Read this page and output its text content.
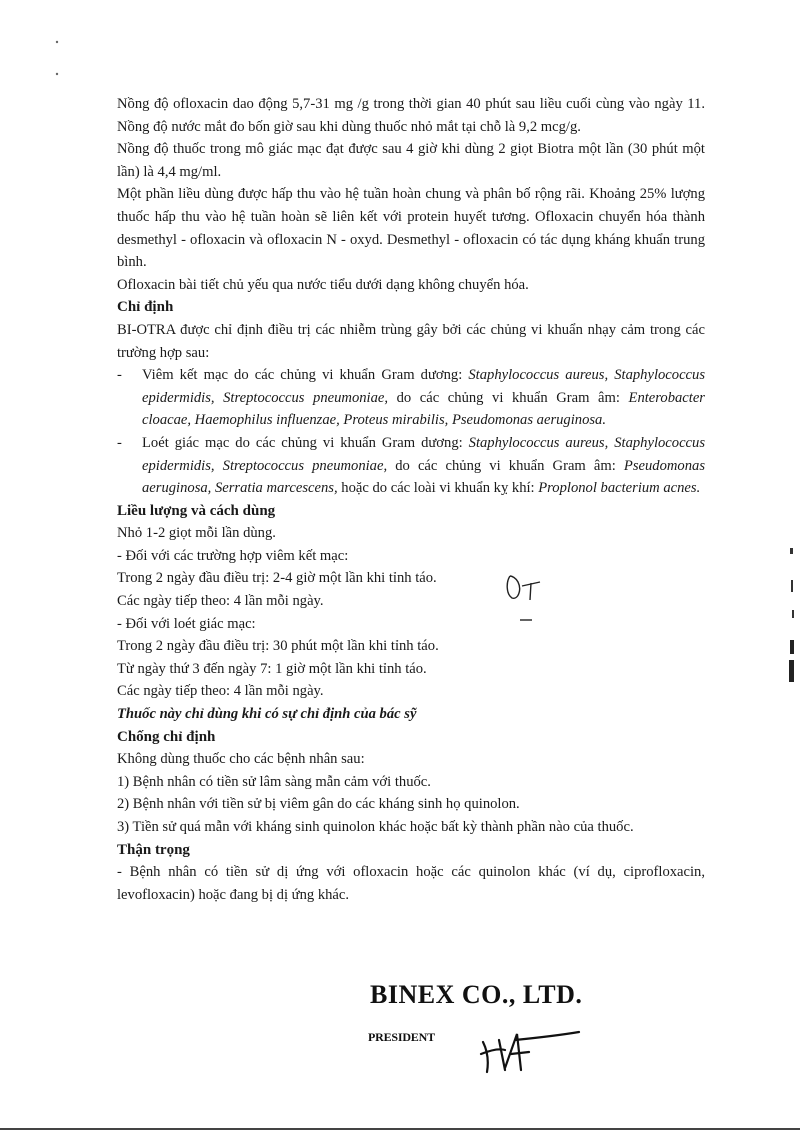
Nồng độ ofloxacin dao động 5,7-31 mg /g trong thời gian 40 phút sau liều cuối cùng vào ngày 11. Nồng độ nước mắt đo bốn giờ sau khi dùng thuốc nhỏ mắt tại chỗ là 9,2 mcg/g.

Nồng độ thuốc trong mô giác mạc đạt được sau 4 giờ khi dùng 2 giọt Biotra một lần (30 phút một lần) là 4,4 mg/ml.

Một phần liều dùng được hấp thu vào hệ tuần hoàn chung và phân bố rộng rãi. Khoảng 25% lượng thuốc hấp thu vào hệ tuần hoàn sẽ liên kết với protein huyết tương. Ofloxacin chuyển hóa thành desmethyl - ofloxacin và ofloxacin N - oxyd. Desmethyl - ofloxacin có tác dụng kháng khuẩn trung bình.

Ofloxacin bài tiết chủ yếu qua nước tiểu dưới dạng không chuyển hóa.

Chỉ định

BI-OTRA được chỉ định điều trị các nhiễm trùng gây bởi các chủng vi khuẩn nhạy cảm trong các trường hợp sau:

- Viêm kết mạc do các chủng vi khuẩn Gram dương: Staphylococcus aureus, Staphylococcus epidermidis, Streptococcus pneumoniae, do các chủng vi khuẩn Gram âm: Enterobacter cloacae, Haemophilus influenzae, Proteus mirabilis, Pseudomonas aeruginosa.
- Loét giác mạc do các chủng vi khuẩn Gram dương: Staphylococcus aureus, Staphylococcus epidermidis, Streptococcus pneumoniae, do các chủng vi khuẩn Gram âm: Pseudomonas aeruginosa, Serratia marcescens, hoặc do các loài vi khuẩn kỵ khí: Proplonol bacterium acnes.

Liều lượng và cách dùng

Nhỏ 1-2 giọt mỗi lần dùng.

- Đối với các trường hợp viêm kết mạc:

Trong 2 ngày đầu điều trị: 2-4 giờ một lần khi tỉnh táo.

Các ngày tiếp theo: 4 lần mỗi ngày.

- Đối với loét giác mạc:

Trong 2 ngày đầu điều trị: 30 phút một lần khi tỉnh táo.

Từ ngày thứ 3 đến ngày 7: 1 giờ một lần khi tỉnh táo.

Các ngày tiếp theo: 4 lần mỗi ngày.

Thuốc này chỉ dùng khi có sự chỉ định của bác sỹ

Chống chỉ định

Không dùng thuốc cho các bệnh nhân sau:

1) Bệnh nhân có tiền sử lâm sàng mẫn cảm với thuốc.

2) Bệnh nhân với tiền sử bị viêm gân do các kháng sinh họ quinolon.

3) Tiền sử quá mẫn với kháng sinh quinolon khác hoặc bất kỳ thành phần nào của thuốc.

Thận trọng

- Bệnh nhân có tiền sử dị ứng với ofloxacin hoặc các quinolon khác (ví dụ, ciprofloxacin, levofloxacin) hoặc đang bị dị ứng khác.

BINEX CO., LTD.
PRESIDENT
